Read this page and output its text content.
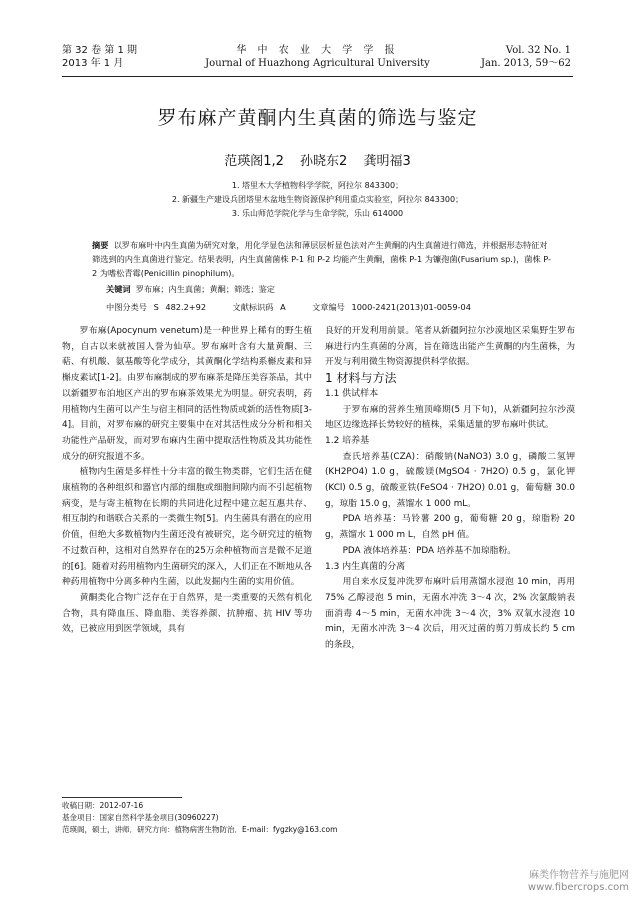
第 32 卷 第 1 期
2013 年 1 月
华 中 农 业 大 学 学 报
Journal of Huazhong Agricultural University
Vol. 32 No. 1
Jan. 2013, 59～62
罗布麻产黄酮内生真菌的筛选与鉴定
范瑛阁1,2 孙晓东2 龚明福3
1. 塔里木大学植物科学学院，阿拉尔 843300；
2. 新疆生产建设兵团塔里木盆地生物资源保护利用重点实验室，阿拉尔 843300；
3. 乐山师范学院化学与生命学院，乐山 614000

摘要 以罗布麻叶中内生真菌为研究对象，用化学显色法和薄层层析显色法对产生黄酮的内生真菌进行筛选，并根据形态特征对筛选到的内生真菌进行鉴定。结果表明，内生真菌菌株 P-1 和 P-2 均能产生黄酮，菌株 P-1 为镰孢菌(Fusarium sp.)，菌株 P-2 为嗜松青霉(Penicillin pinophilum)。

关键词 罗布麻；内生真菌；黄酮；筛选；鉴定
中图分类号 S 482.2+92	文献标识码 A	文章编号 1000-2421(2013)01-0059-04

罗布麻(Apocynum venetum)是一种世界上稀有的野生植物，自古以来就被国人誉为仙草。罗布麻叶含有大量黄酮、三萜、有机酸、氨基酸等化学成分，其黄酮化学结构系槲皮素和异槲皮素试[1-2]。由罗布麻制成的罗布麻茶是降压美容茶品，其中以新疆罗布泊地区产出的罗布麻茶效果尤为明显。研究表明，药用植物内生菌可以产生与宿主相同的活性物质或新的活性物质[3-4]。目前，对罗布麻的研究主要集中在对其活性成分分析和相关功能性产品研发，而对罗布麻内生菌中提取活性物质及其功能性成分的研究报道不多。

植物内生菌是多样性十分丰富的微生物类群，它们生活在健康植物的各种组织和器官内部的细胞或细胞间隙内而不引起植物病变，是与寄主植物在长期的共同进化过程中建立起互惠共存、相互制约和谐联合关系的一类微生物[5]。内生菌具有潜在的应用价值，但绝大多数植物内生菌还没有被研究，迄今研究过的植物不过数百种，这相对自然界存在的25万余种植物而言是微不足道的[6]。随着对药用植物内生菌研究的深入，人们正在不断地从各种药用植物中分离多种内生菌，以此发掘内生菌的实用价值。

黄酮类化合物广泛存在于自然界，是一类重要的天然有机化合物，具有降血压、降血脂、美容养颜、抗肿瘤、抗 HIV 等功效，已被应用到医学领域，具有

良好的开发利用前景。笔者从新疆阿拉尔沙漠地区采集野生罗布麻进行内生真菌的分离，旨在筛选出能产生黄酮的内生菌株，为开发与利用微生物资源提供科学依据。

1 材料与方法

1.1 供试样本

于罗布麻的营养生殖顶峰期(5 月下旬)，从新疆阿拉尔沙漠地区边缘选择长势较好的植株，采集适量的罗布麻叶供试。

1.2 培养基

查氏培养基(CZA)：硝酸钠(NaNO3) 3.0 g，磷酸二氢钾(KH2PO4) 1.0 g，硫酸镁(MgSO4 · 7H2O) 0.5 g，氯化钾(KCl) 0.5 g，硫酸亚铁(FeSO4 · 7H2O) 0.01 g，葡萄糖 30.0 g，琼脂 15.0 g，蒸馏水 1 000 mL。

PDA 培养基：马铃薯 200 g，葡萄糖 20 g，琼脂粉 20 g，蒸馏水 1 000 m L，自然 pH 值。

PDA 液体培养基：PDA 培养基不加琼脂粉。

1.3 内生真菌的分离

用自来水反复冲洗罗布麻叶后用蒸馏水浸泡 10 min，再用 75% 乙醇浸泡 5 min，无菌水冲洗 3～4 次，2% 次氯酸钠表面消毒 4～5 min，无菌水冲洗 3～4 次，3% 双氧水浸泡 10 min，无菌水冲洗 3～4 次后，用灭过菌的剪刀剪成长约 5 cm 的条段，

收稿日期：2012-07-16
基金项目：国家自然科学基金项目(30960227)
范瑛阁，硕士，讲师．研究方向：植物病害生物防治．E-mail：fygzky@163.com
麻类作物营养与施肥网
www.fibercrops.com
